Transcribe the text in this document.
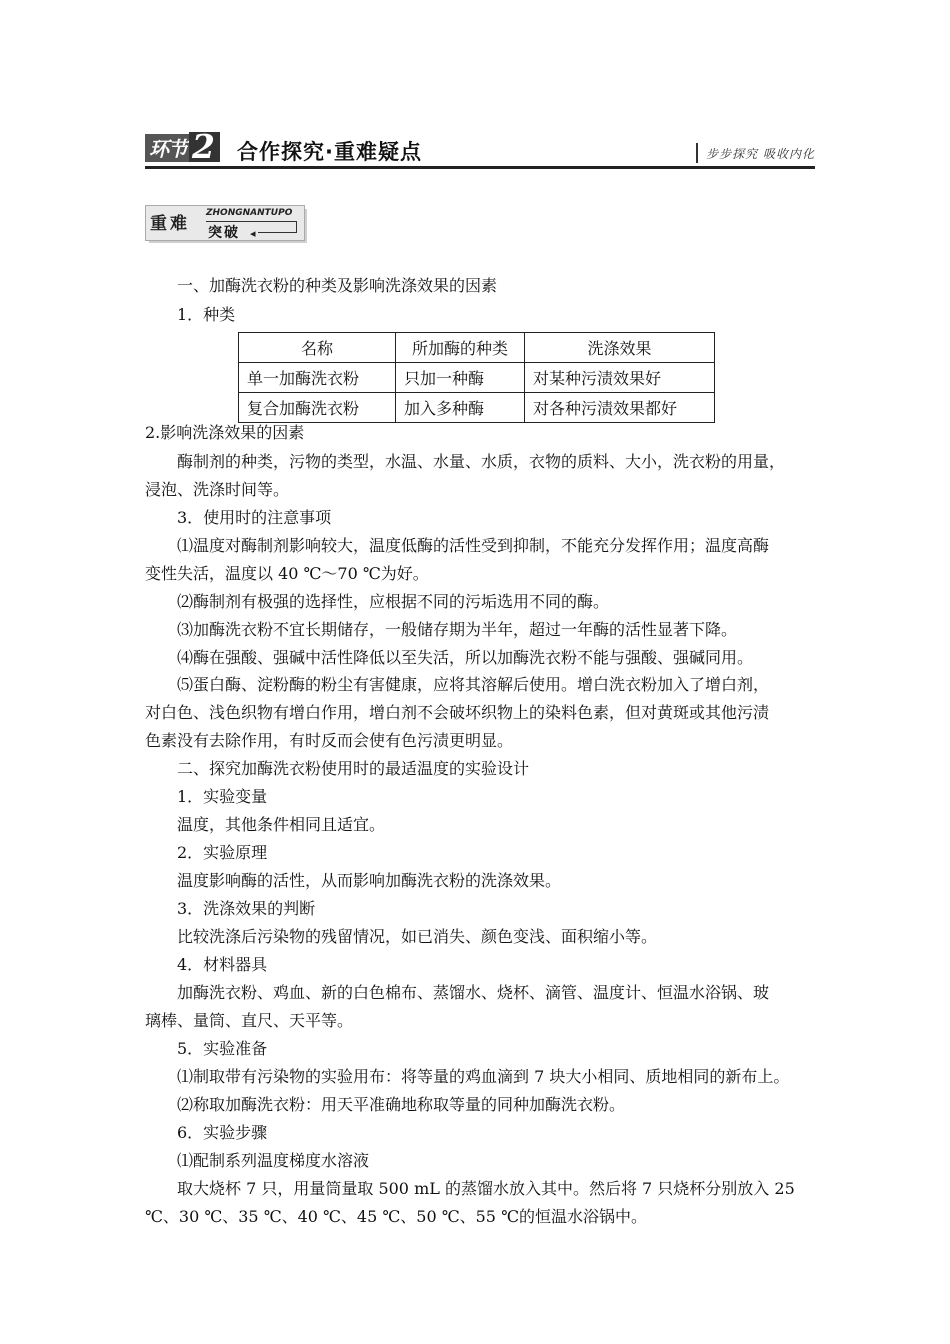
环节 2 合作探究·重难疑点	步步探究 吸收内化
重难
ZHONGNANTUPO
突破 ◂
一、加酶洗衣粉的种类及影响洗涤效果的因素
1．种类
名称	所加酶的种类	洗涤效果
单一加酶洗衣粉	只加一种酶	对某种污渍效果好
复合加酶洗衣粉	加入多种酶	对各种污渍效果都好
2.影响洗涤效果的因素
酶制剂的种类，污物的类型，水温、水量、水质，衣物的质料、大小，洗衣粉的用量，
浸泡、洗涤时间等。
3．使用时的注意事项
⑴温度对酶制剂影响较大，温度低酶的活性受到抑制，不能充分发挥作用；温度高酶
变性失活，温度以 40 ℃～70 ℃为好。
⑵酶制剂有极强的选择性，应根据不同的污垢选用不同的酶。
⑶加酶洗衣粉不宜长期储存，一般储存期为半年，超过一年酶的活性显著下降。
⑷酶在强酸、强碱中活性降低以至失活，所以加酶洗衣粉不能与强酸、强碱同用。
⑸蛋白酶、淀粉酶的粉尘有害健康，应将其溶解后使用。增白洗衣粉加入了增白剂，
对白色、浅色织物有增白作用，增白剂不会破坏织物上的染料色素，但对黄斑或其他污渍
色素没有去除作用，有时反而会使有色污渍更明显。
二、探究加酶洗衣粉使用时的最适温度的实验设计
1．实验变量
温度，其他条件相同且适宜。
2．实验原理
温度影响酶的活性，从而影响加酶洗衣粉的洗涤效果。
3．洗涤效果的判断
比较洗涤后污染物的残留情况，如已消失、颜色变浅、面积缩小等。
4．材料器具
加酶洗衣粉、鸡血、新的白色棉布、蒸馏水、烧杯、滴管、温度计、恒温水浴锅、玻
璃棒、量筒、直尺、天平等。
5．实验准备
⑴制取带有污染物的实验用布：将等量的鸡血滴到 7 块大小相同、质地相同的新布上。
⑵称取加酶洗衣粉：用天平准确地称取等量的同种加酶洗衣粉。
6．实验步骤
⑴配制系列温度梯度水溶液
取大烧杯 7 只，用量筒量取 500 mL 的蒸馏水放入其中。然后将 7 只烧杯分别放入 25
℃、30 ℃、35 ℃、40 ℃、45 ℃、50 ℃、55 ℃的恒温水浴锅中。
